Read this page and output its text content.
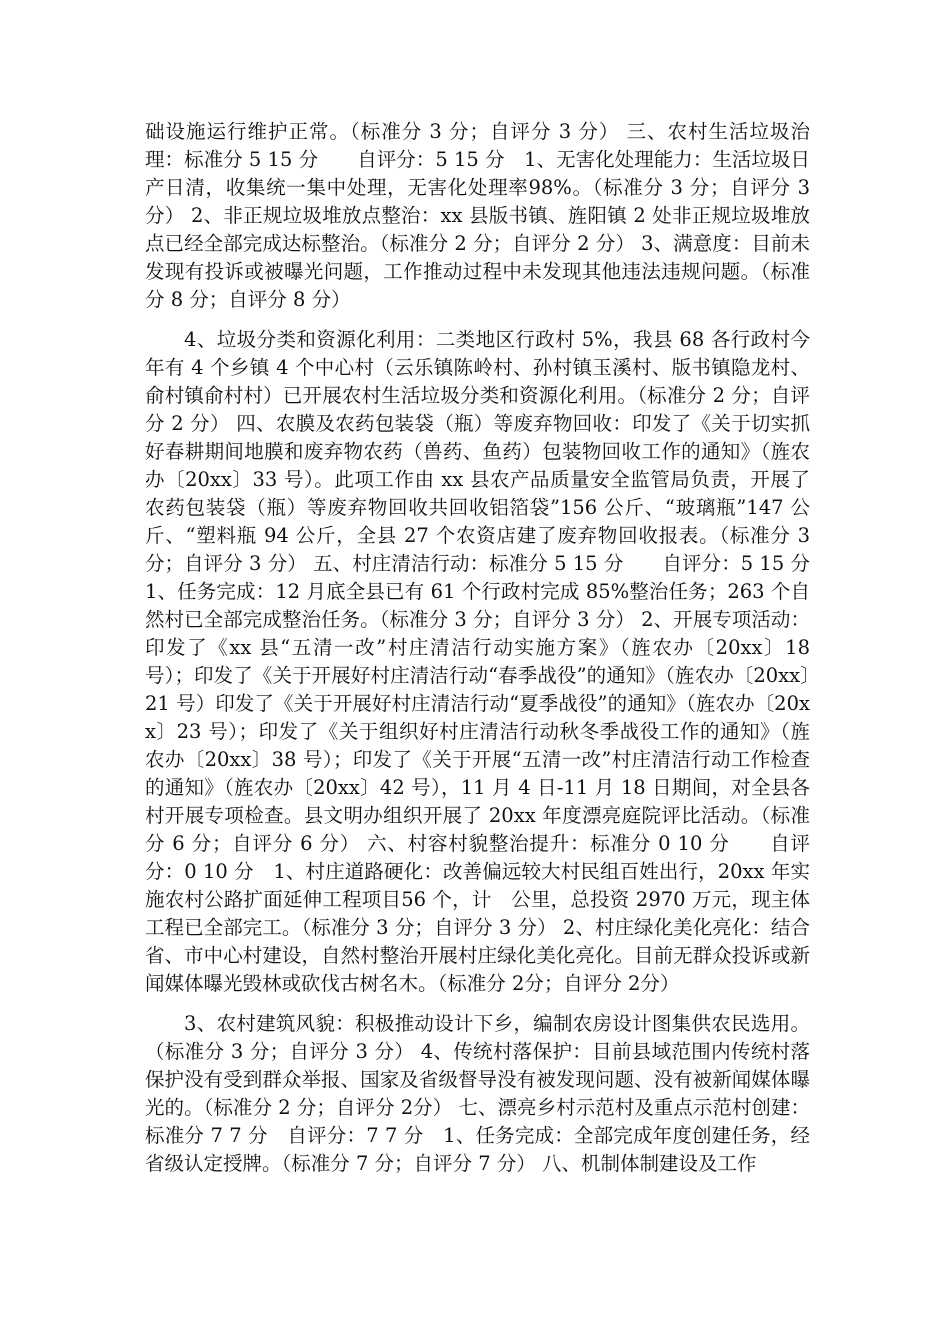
础设施运行维护正常。（标准分 3 分；自评分 3 分） 三、农村生活垃圾治理：标准分 5 15 分　　自评分：5 15 分　1、无害化处理能力：生活垃圾日产日清，收集统一集中处理，无害化处理率98%。（标准分 3 分；自评分 3 分） 2、非正规垃圾堆放点整治：xx 县版书镇、旌阳镇 2 处非正规垃圾堆放点已经全部完成达标整治。（标准分 2 分；自评分 2 分） 3、满意度：目前未发现有投诉或被曝光问题，工作推动过程中未发现其他违法违规问题。（标准分 8 分；自评分 8 分）

4、垃圾分类和资源化利用：二类地区行政村 5%，我县 68 各行政村今年有 4 个乡镇 4 个中心村（云乐镇陈岭村、孙村镇玉溪村、版书镇隐龙村、俞村镇俞村村）已开展农村生活垃圾分类和资源化利用。（标准分 2 分；自评分 2 分） 四、农膜及农药包装袋（瓶）等废弃物回收：印发了《关于切实抓好春耕期间地膜和废弃物农药（兽药、鱼药）包装物回收工作的通知》（旌农办〔20xx〕33 号）。此项工作由 xx 县农产品质量安全监管局负责，开展了农药包装袋（瓶）等废弃物回收共回收铝箔袋”156 公斤、“玻璃瓶”147 公斤、“塑料瓶 94 公斤，全县 27 个农资店建了废弃物回收报表。（标准分 3 分；自评分 3 分） 五、村庄清洁行动：标准分 5 15 分　　自评分：5 15 分　1、任务完成：12 月底全县已有 61 个行政村完成 85%整治任务；263 个自然村已全部完成整治任务。（标准分 3 分；自评分 3 分） 2、开展专项活动：印发了《xx 县“五清一改”村庄清洁行动实施方案》（旌农办〔20xx〕18 号）；印发了《关于开展好村庄清洁行动“春季战役”的通知》（旌农办〔20xx〕21 号）印发了《关于开展好村庄清洁行动“夏季战役”的通知》（旌农办〔20xx〕23 号）；印发了《关于组织好村庄清洁行动秋冬季战役工作的通知》（旌农办〔20xx〕38 号）；印发了《关于开展“五清一改”村庄清洁行动工作检查的通知》（旌农办〔20xx〕42 号），11 月 4 日-11 月 18 日期间，对全县各村开展专项检查。县文明办组织开展了 20xx 年度漂亮庭院评比活动。（标准分 6 分；自评分 6 分） 六、村容村貌整治提升：标准分 0 10 分　　自评分：0 10 分　1、村庄道路硬化：改善偏远较大村民组百姓出行，20xx 年实施农村公路扩面延伸工程项目56 个，计　公里，总投资 2970 万元，现主体工程已全部完工。（标准分 3 分；自评分 3 分） 2、村庄绿化美化亮化：结合省、市中心村建设，自然村整治开展村庄绿化美化亮化。目前无群众投诉或新闻媒体曝光毁林或砍伐古树名木。（标准分 2分；自评分 2分）

3、农村建筑风貌：积极推动设计下乡，编制农房设计图集供农民选用。（标准分 3 分；自评分 3 分） 4、传统村落保护：目前县域范围内传统村落保护没有受到群众举报、国家及省级督导没有被发现问题、没有被新闻媒体曝光的。（标准分 2 分；自评分 2分） 七、漂亮乡村示范村及重点示范村创建：标准分 7 7 分　自评分：7 7 分　1、任务完成：全部完成年度创建任务，经省级认定授牌。（标准分 7 分；自评分 7 分） 八、机制体制建设及工作
